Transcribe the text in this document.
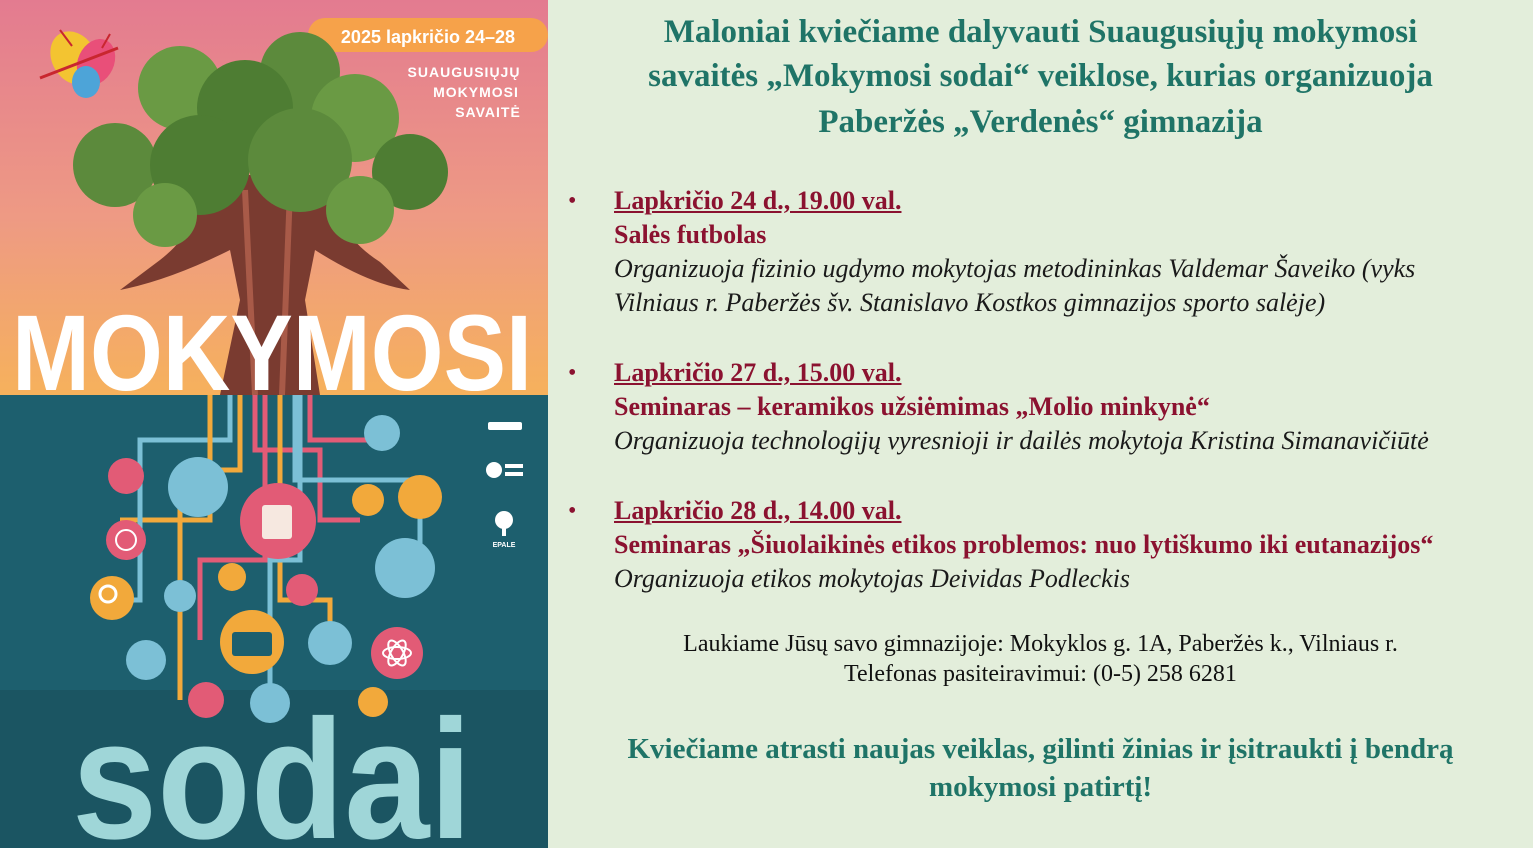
2025 lapkričio 24–28
SUAUGUSIŲJŲ
MOKYMOSI
SAVAITĖ
MOKYMOSI
sodai
EPALE
Maloniai kviečiame dalyvauti Suaugusiųjų mokymosi
savaitės „Mokymosi sodai“ veiklose, kurias organizuoja
Paberžės „Verdenės“ gimnazija
•	Lapkričio 24 d., 19.00 val.
Salės futbolas
Organizuoja fizinio ugdymo mokytojas metodininkas Valdemar Šaveiko (vyks
Vilniaus r. Paberžės šv. Stanislavo Kostkos gimnazijos sporto salėje)
•	Lapkričio 27 d., 15.00 val.
Seminaras – keramikos užsiėmimas „Molio minkynė“
Organizuoja technologijų vyresnioji ir dailės mokytoja Kristina Simanavičiūtė
•	Lapkričio 28 d., 14.00 val.
Seminaras „Šiuolaikinės etikos problemos: nuo lytiškumo iki eutanazijos“
Organizuoja etikos mokytojas Deividas Podleckis
Laukiame Jūsų savo gimnazijoje: Mokyklos g. 1A, Paberžės k., Vilniaus r.
Telefonas pasiteiravimui: (0-5) 258 6281
Kviečiame atrasti naujas veiklas, gilinti žinias ir įsitraukti į bendrą
mokymosi patirtį!
